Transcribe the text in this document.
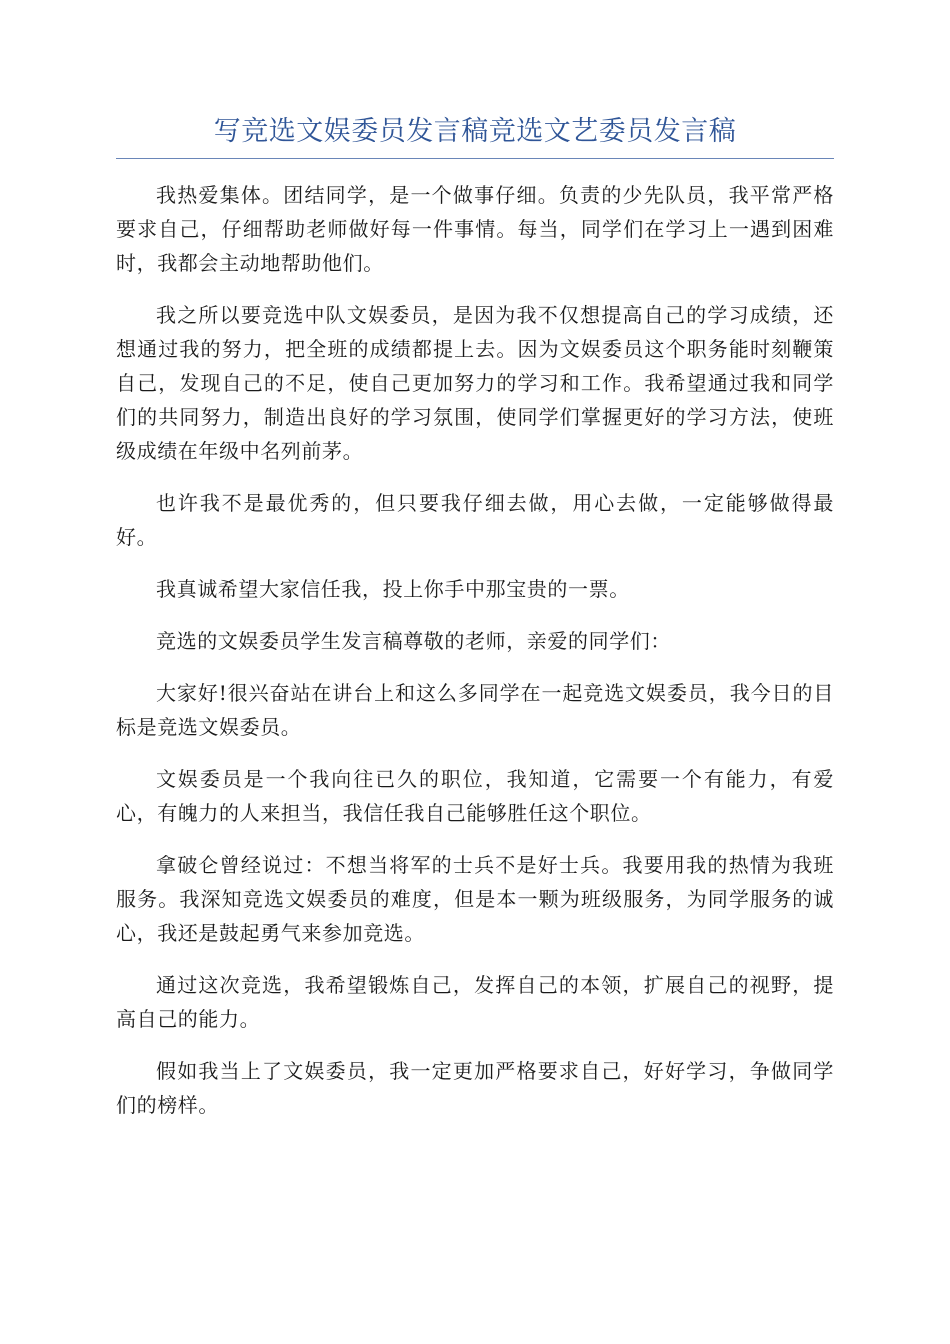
写竞选文娱委员发言稿竞选文艺委员发言稿

我热爱集体。团结同学，是一个做事仔细。负责的少先队员，我平常严格要求自己，仔细帮助老师做好每一件事情。每当，同学们在学习上一遇到困难时，我都会主动地帮助他们。

我之所以要竞选中队文娱委员，是因为我不仅想提高自己的学习成绩，还想通过我的努力，把全班的成绩都提上去。因为文娱委员这个职务能时刻鞭策自己，发现自己的不足，使自己更加努力的学习和工作。我希望通过我和同学们的共同努力，制造出良好的学习氛围，使同学们掌握更好的学习方法，使班级成绩在年级中名列前茅。

也许我不是最优秀的，但只要我仔细去做，用心去做，一定能够做得最好。

我真诚希望大家信任我，投上你手中那宝贵的一票。

竞选的文娱委员学生发言稿尊敬的老师，亲爱的同学们：

大家好!很兴奋站在讲台上和这么多同学在一起竞选文娱委员，我今日的目标是竞选文娱委员。

文娱委员是一个我向往已久的职位，我知道，它需要一个有能力，有爱心，有魄力的人来担当，我信任我自己能够胜任这个职位。

拿破仑曾经说过：不想当将军的士兵不是好士兵。我要用我的热情为我班服务。我深知竞选文娱委员的难度，但是本一颗为班级服务，为同学服务的诚心，我还是鼓起勇气来参加竞选。

通过这次竞选，我希望锻炼自己，发挥自己的本领，扩展自己的视野，提高自己的能力。

假如我当上了文娱委员，我一定更加严格要求自己，好好学习，争做同学们的榜样。
